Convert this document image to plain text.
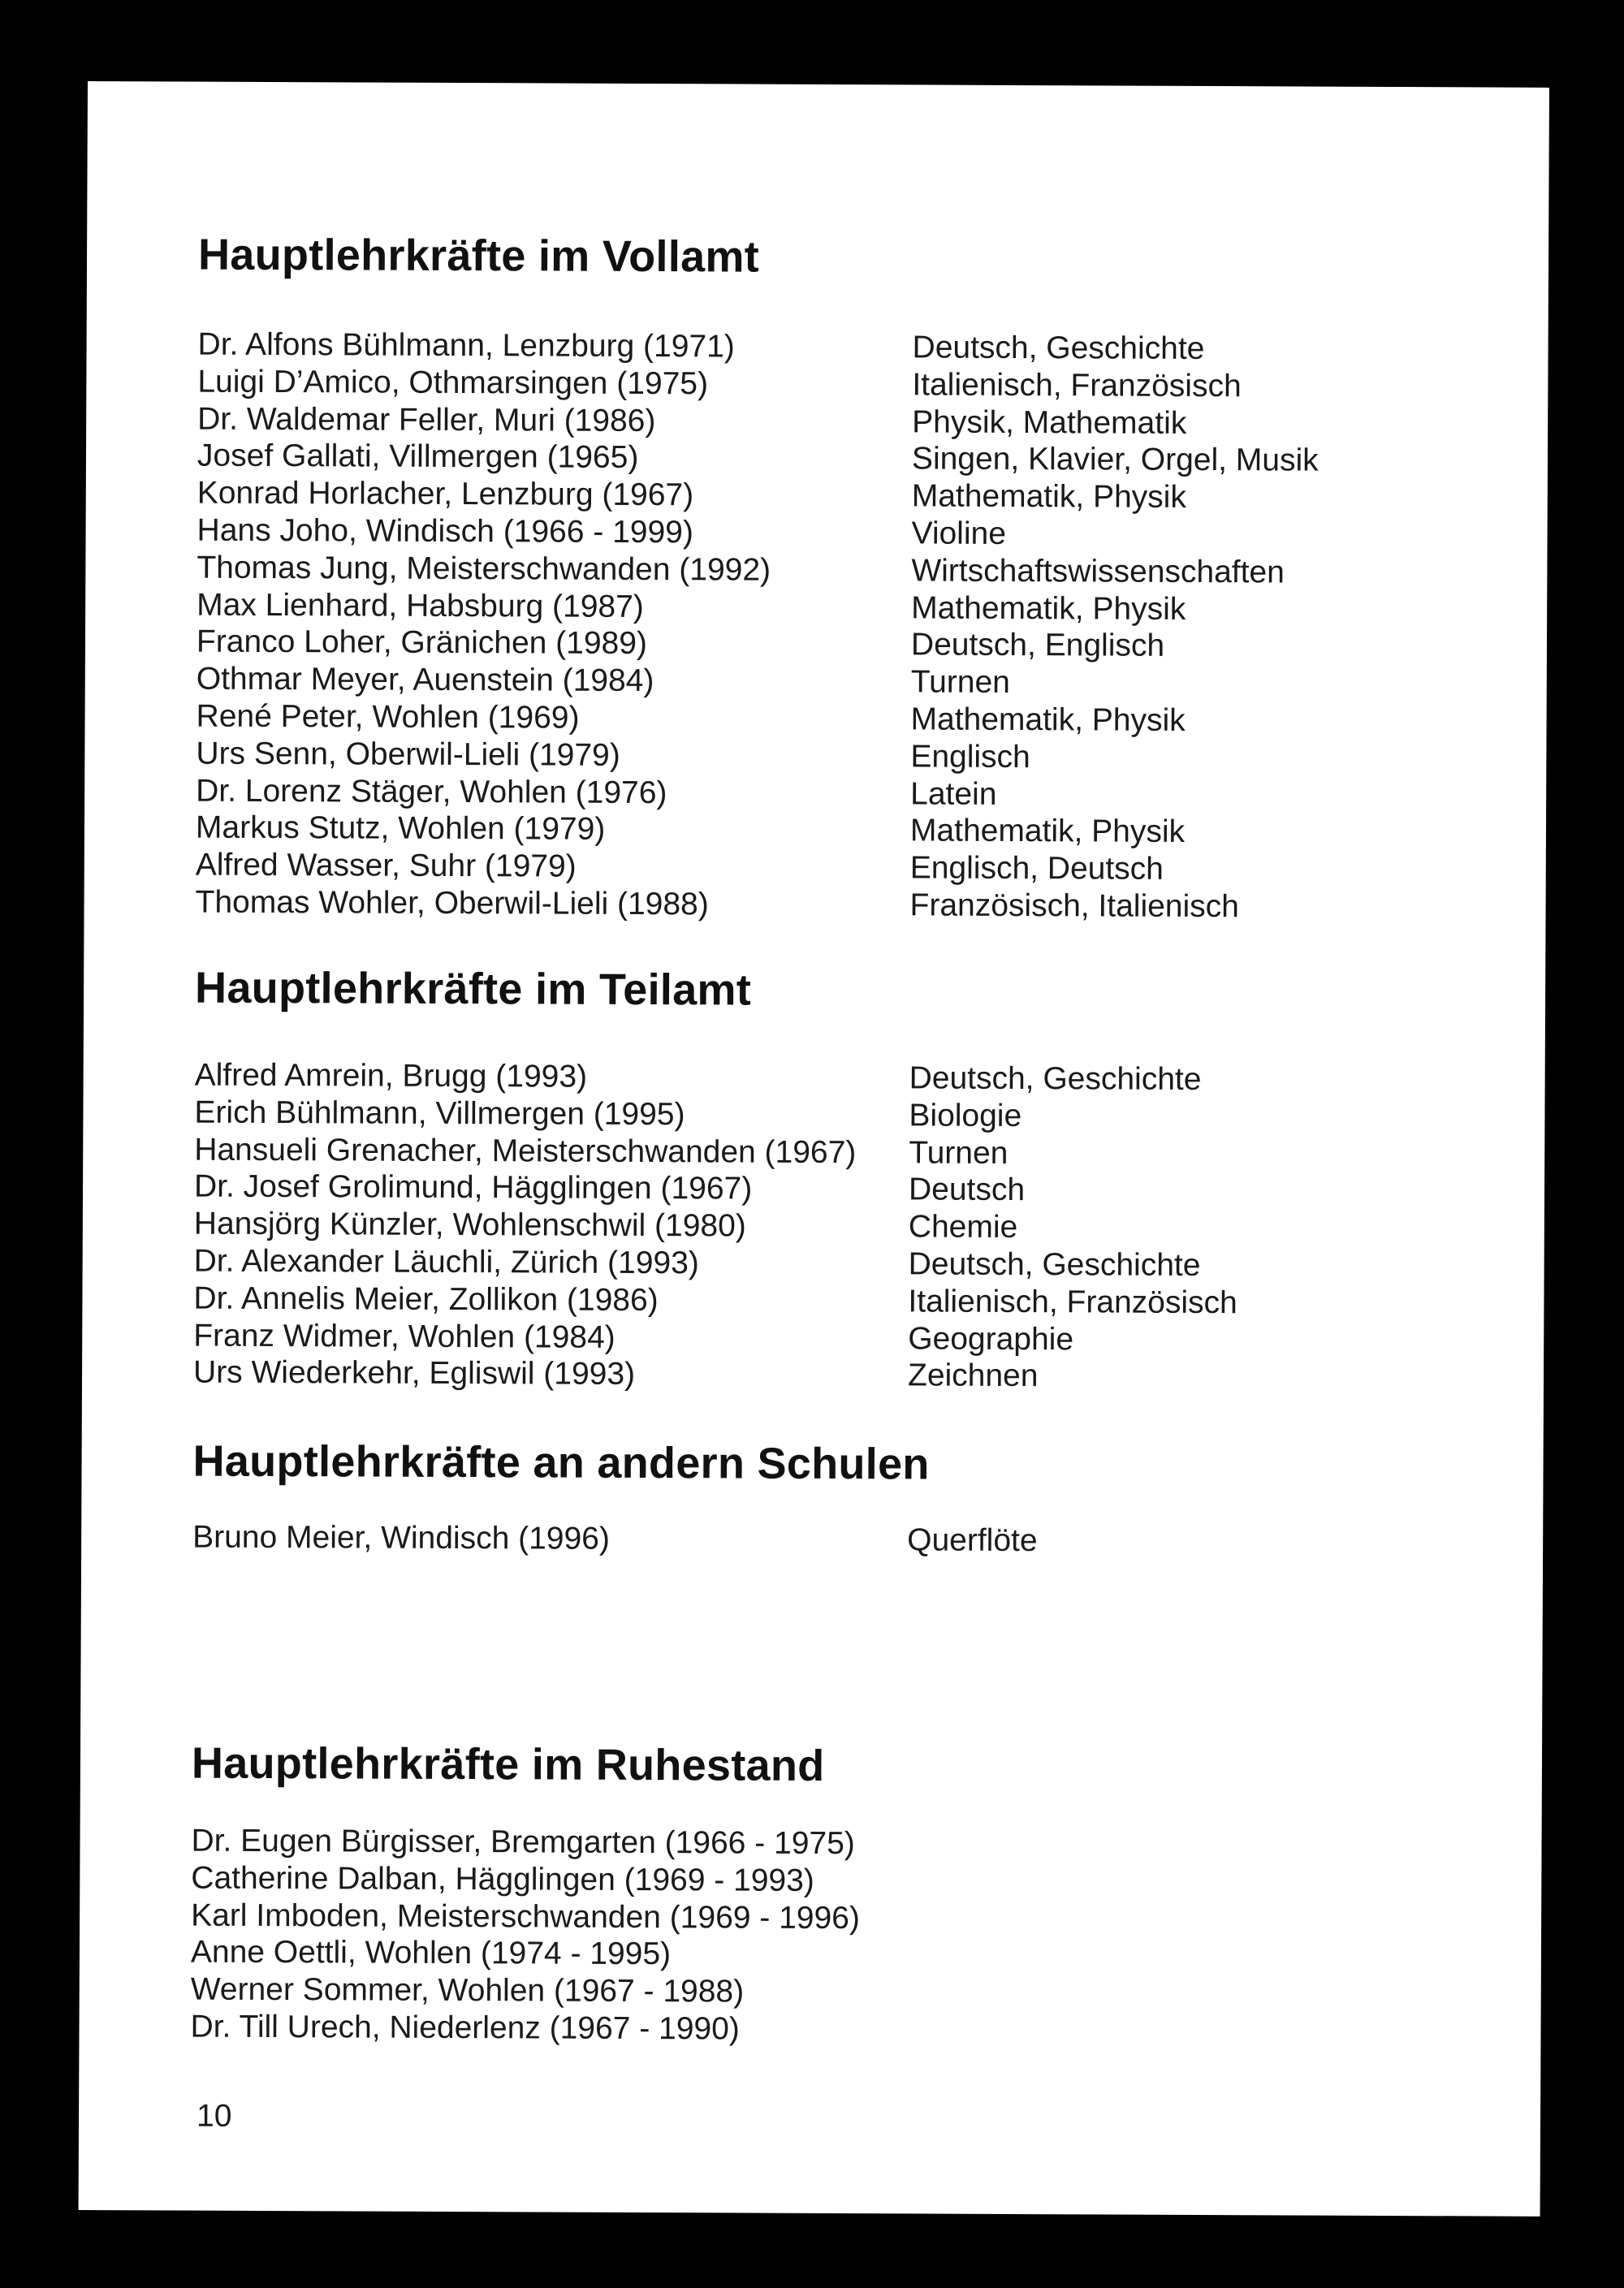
Hauptlehrkräfte im Vollamt
Dr. Alfons Bühlmann, Lenzburg (1971)	Deutsch, Geschichte
Luigi D’Amico, Othmarsingen (1975)	Italienisch, Französisch
Dr. Waldemar Feller, Muri (1986)	Physik, Mathematik
Josef Gallati, Villmergen (1965)	Singen, Klavier, Orgel, Musik
Konrad Horlacher, Lenzburg (1967)	Mathematik, Physik
Hans Joho, Windisch (1966 - 1999)	Violine
Thomas Jung, Meisterschwanden (1992)	Wirtschaftswissenschaften
Max Lienhard, Habsburg (1987)	Mathematik, Physik
Franco Loher, Gränichen (1989)	Deutsch, Englisch
Othmar Meyer, Auenstein (1984)	Turnen
René Peter, Wohlen (1969)	Mathematik, Physik
Urs Senn, Oberwil-Lieli (1979)	Englisch
Dr. Lorenz Stäger, Wohlen (1976)	Latein
Markus Stutz, Wohlen (1979)	Mathematik, Physik
Alfred Wasser, Suhr (1979)	Englisch, Deutsch
Thomas Wohler, Oberwil-Lieli (1988)	Französisch, Italienisch
Hauptlehrkräfte im Teilamt
Alfred Amrein, Brugg (1993)	Deutsch, Geschichte
Erich Bühlmann, Villmergen (1995)	Biologie
Hansueli Grenacher, Meisterschwanden (1967) Turnen
Dr. Josef Grolimund, Hägglingen (1967)	Deutsch
Hansjörg Künzler, Wohlenschwil (1980)	Chemie
Dr. Alexander Läuchli, Zürich (1993)	Deutsch, Geschichte
Dr. Annelis Meier, Zollikon (1986)	Italienisch, Französisch
Franz Widmer, Wohlen (1984)	Geographie
Urs Wiederkehr, Egliswil (1993)	Zeichnen
Hauptlehrkräfte an andern Schulen
Bruno Meier, Windisch (1996)	Querflöte
Hauptlehrkräfte im Ruhestand
Dr. Eugen Bürgisser, Bremgarten (1966 - 1975)
Catherine Dalban, Hägglingen (1969 - 1993)
Karl Imboden, Meisterschwanden (1969 - 1996)
Anne Oettli, Wohlen (1974 - 1995)
Werner Sommer, Wohlen (1967 - 1988)
Dr. Till Urech, Niederlenz (1967 - 1990)
10
